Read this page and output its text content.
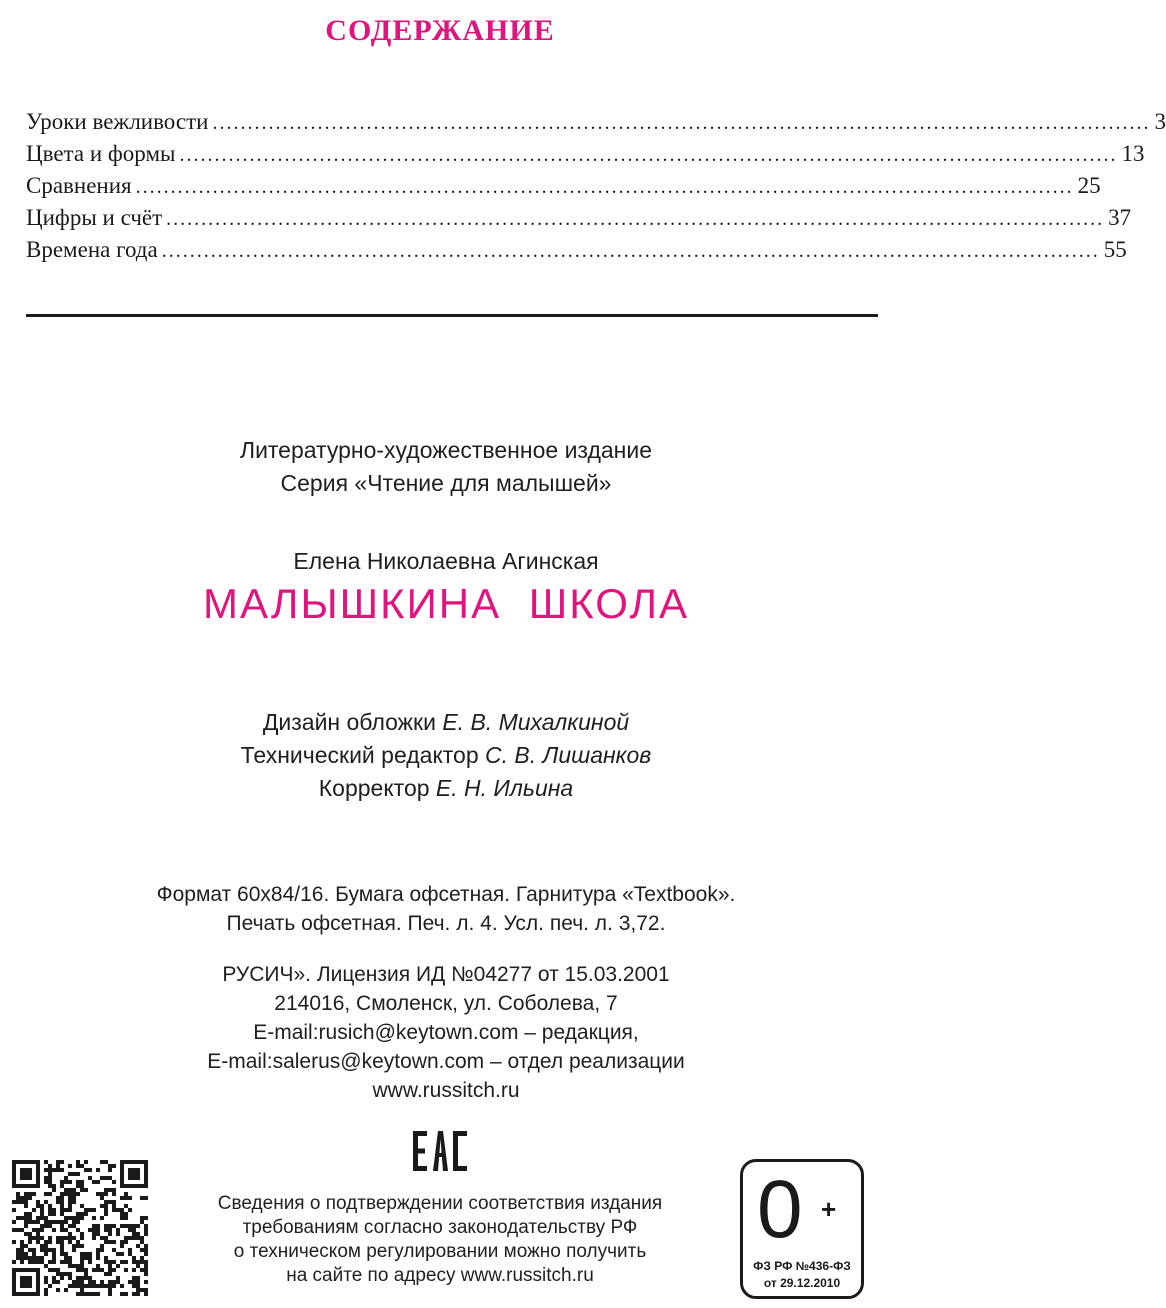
СОДЕРЖАНИЕ
Уроки вежливости ...................................................................................................................................... 3
Цвета и формы ...................................................................................................................................... 13
Сравнения ...................................................................................................................................... 25
Цифры и счёт ...................................................................................................................................... 37
Времена года ...................................................................................................................................... 55
Литературно-художественное издание
Серия «Чтение для малышей»
Елена Николаевна Агинская
МАЛЫШКИНА ШКОЛА
Дизайн обложки Е. В. Михалкиной
Технический редактор С. В. Лишанков
Корректор Е. Н. Ильина
Формат 60х84/16. Бумага офсетная. Гарнитура «Textbook».
Печать офсетная. Печ. л. 4. Усл. печ. л. 3,72.
РУСИЧ». Лицензия ИД №04277 от 15.03.2001
214016, Смоленск, ул. Соболева, 7
E-mail:rusich@keytown.com – редакция,
E-mail:salerus@keytown.com – отдел реализации
www.russitch.ru
Сведения о подтверждении соответствия издания
требованиям согласно законодательству РФ
о техническом регулировании можно получить
на сайте по адресу www.russitch.ru
0 +
ФЗ РФ №436-ФЗ
от 29.12.2010
